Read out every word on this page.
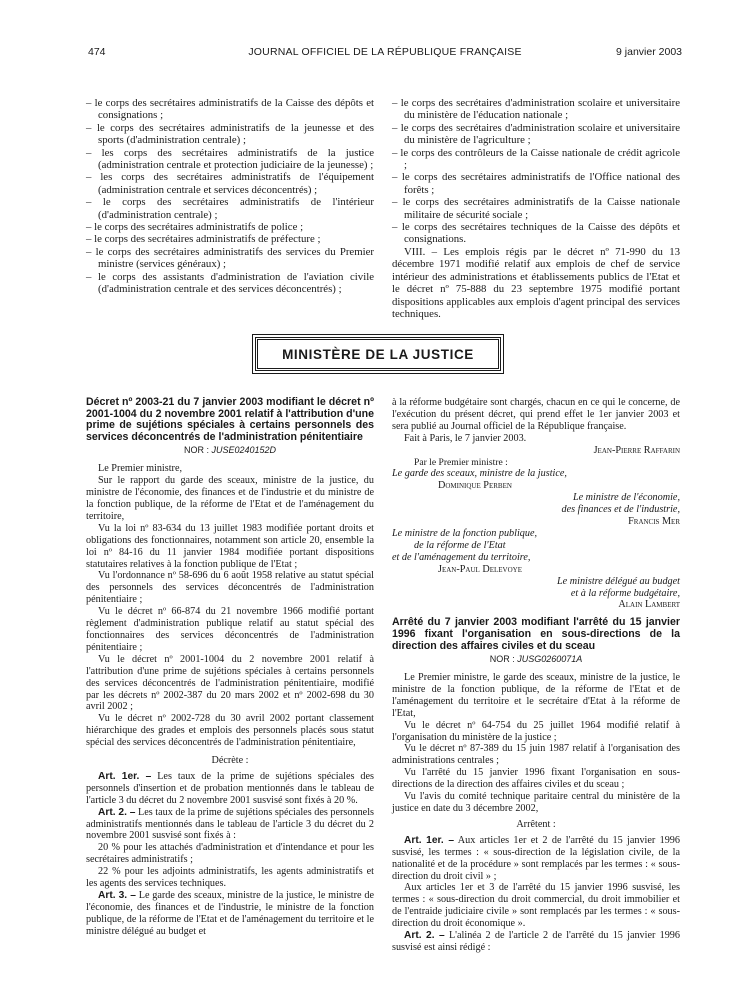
474	JOURNAL OFFICIEL DE LA RÉPUBLIQUE FRANÇAISE	9 janvier 2003
– le corps des secrétaires administratifs de la Caisse des dépôts et consignations ;
– le corps des secrétaires administratifs de la jeunesse et des sports (d'administration centrale) ;
– les corps des secrétaires administratifs de la justice (administration centrale et protection judiciaire de la jeunesse) ;
– les corps des secrétaires administratifs de l'équipement (administration centrale et services déconcentrés) ;
– le corps des secrétaires administratifs de l'intérieur (d'administration centrale) ;
– le corps des secrétaires administratifs de police ;
– le corps des secrétaires administratifs de préfecture ;
– le corps des secrétaires administratifs des services du Premier ministre (services généraux) ;
– le corps des assistants d'administration de l'aviation civile (d'administration centrale et des services déconcentrés) ;
– le corps des secrétaires d'administration scolaire et universitaire du ministère de l'éducation nationale ;
– le corps des secrétaires d'administration scolaire et universitaire du ministère de l'agriculture ;
– le corps des contrôleurs de la Caisse nationale de crédit agricole ;
– le corps des secrétaires administratifs de l'Office national des forêts ;
– le corps des secrétaires administratifs de la Caisse nationale militaire de sécurité sociale ;
– le corps des secrétaires techniques de la Caisse des dépôts et consignations.

VIII. – Les emplois régis par le décret nº 71-990 du 13 décembre 1971 modifié relatif aux emplois de chef de service intérieur des administrations et établissements publics de l'Etat et le décret nº 75-888 du 23 septembre 1975 modifié portant dispositions applicables aux emplois d'agent principal des services techniques.

MINISTÈRE DE LA JUSTICE
Décret nº 2003-21 du 7 janvier 2003 modifiant le décret nº 2001-1004 du 2 novembre 2001 relatif à l'attribution d'une prime de sujétions spéciales à certains personnels des services déconcentrés de l'administration pénitentiaire
NOR : JUSE0240152D

Le Premier ministre,

Sur le rapport du garde des sceaux, ministre de la justice, du ministre de l'économie, des finances et de l'industrie et du ministre de la fonction publique, de la réforme de l'Etat et de l'aménagement du territoire,

Vu la loi nº 83-634 du 13 juillet 1983 modifiée portant droits et obligations des fonctionnaires, notamment son article 20, ensemble la loi nº 84-16 du 11 janvier 1984 modifiée portant dispositions statutaires relatives à la fonction publique de l'Etat ;

Vu l'ordonnance nº 58-696 du 6 août 1958 relative au statut spécial des personnels des services déconcentrés de l'administration pénitentiaire ;

Vu le décret nº 66-874 du 21 novembre 1966 modifié portant règlement d'administration publique relatif au statut spécial des fonctionnaires des services déconcentrés de l'administration pénitentiaire ;

Vu le décret nº 2001-1004 du 2 novembre 2001 relatif à l'attribution d'une prime de sujétions spéciales à certains personnels des services déconcentrés de l'administration pénitentiaire, modifié par les décrets nº 2002-387 du 20 mars 2002 et nº 2002-698 du 30 avril 2002 ;

Vu le décret nº 2002-728 du 30 avril 2002 portant classement hiérarchique des grades et emplois des personnels placés sous statut spécial des services déconcentrés de l'administration pénitentiaire,

Décrète :

Art. 1er. – Les taux de la prime de sujétions spéciales des personnels d'insertion et de probation mentionnés dans le tableau de l'article 3 du décret du 2 novembre 2001 susvisé sont fixés à 20 %.

Art. 2. – Les taux de la prime de sujétions spéciales des personnels administratifs mentionnés dans le tableau de l'article 3 du décret du 2 novembre 2001 susvisé sont fixés à :

20 % pour les attachés d'administration et d'intendance et pour les secrétaires administratifs ;

22 % pour les adjoints administratifs, les agents administratifs et les agents des services techniques.

Art. 3. – Le garde des sceaux, ministre de la justice, le ministre de l'économie, des finances et de l'industrie, le ministre de la fonction publique, de la réforme de l'Etat et de l'aménagement du territoire et le ministre délégué au budget et

à la réforme budgétaire sont chargés, chacun en ce qui le concerne, de l'exécution du présent décret, qui prend effet le 1er janvier 2003 et sera publié au Journal officiel de la République française.

Fait à Paris, le 7 janvier 2003.

Jean-Pierre Raffarin

Par le Premier ministre :

Le garde des sceaux, ministre de la justice,

Dominique Perben

Le ministre de l'économie,

des finances et de l'industrie,

Francis Mer

Le ministre de la fonction publique,

de la réforme de l'Etat

et de l'aménagement du territoire,

Jean-Paul Delevoye

Le ministre délégué au budget

et à la réforme budgétaire,

Alain Lambert

Arrêté du 7 janvier 2003 modifiant l'arrêté du 15 janvier 1996 fixant l'organisation en sous-directions de la direction des affaires civiles et du sceau
NOR : JUSG0260071A

Le Premier ministre, le garde des sceaux, ministre de la justice, le ministre de la fonction publique, de la réforme de l'Etat et de l'aménagement du territoire et le secrétaire d'Etat à la réforme de l'Etat,

Vu le décret nº 64-754 du 25 juillet 1964 modifié relatif à l'organisation du ministère de la justice ;

Vu le décret nº 87-389 du 15 juin 1987 relatif à l'organisation des administrations centrales ;

Vu l'arrêté du 15 janvier 1996 fixant l'organisation en sous-directions de la direction des affaires civiles et du sceau ;

Vu l'avis du comité technique paritaire central du ministère de la justice en date du 3 décembre 2002,

Arrêtent :

Art. 1er. – Aux articles 1er et 2 de l'arrêté du 15 janvier 1996 susvisé, les termes : « sous-direction de la législation civile, de la nationalité et de la procédure » sont remplacés par les termes : « sous-direction du droit civil » ;

Aux articles 1er et 3 de l'arrêté du 15 janvier 1996 susvisé, les termes : « sous-direction du droit commercial, du droit immobilier et de l'entraide judiciaire civile » sont remplacés par les termes : « sous-direction du droit économique ».

Art. 2. – L'alinéa 2 de l'article 2 de l'arrêté du 15 janvier 1996 susvisé est ainsi rédigé :
